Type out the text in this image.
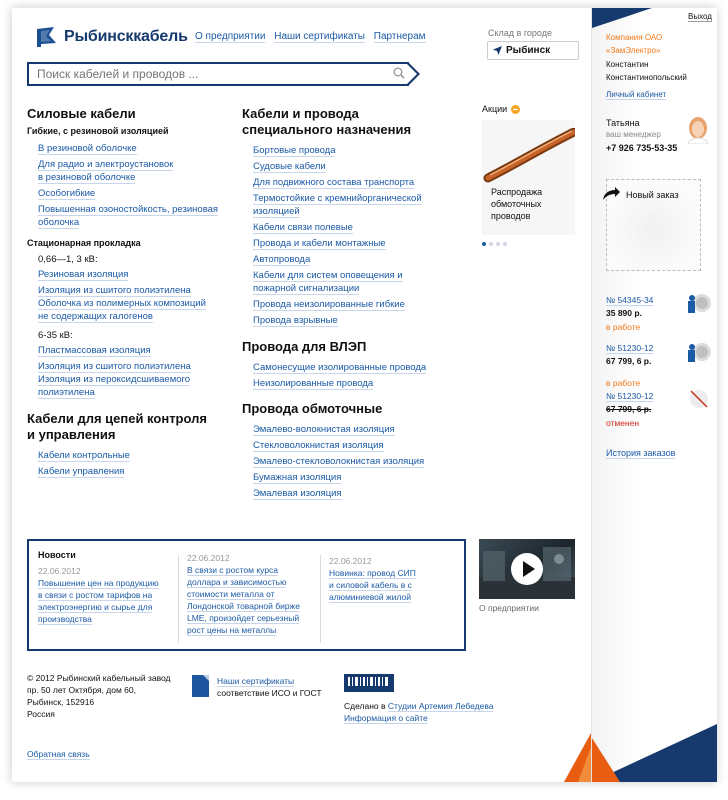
Рыбинсккабель О предприятии Наши сертификаты Партнерам	Склад в городе
Рыбинск
Поиск кабелей и проводов ...
Силовые кабели
Гибкие, с резиновой изоляцией
В резиновой оболочке
Для радио и электроустановок
в резиновой оболочке
Особогибкие
Повышенная озоностойкость, резиновая
оболочка
Стационарная прокладка
0,66—1, 3 кВ:
Резиновая изоляция
Изоляция из сшитого полиэтилена
Оболочка из полимерных композиций
не содержащих галогенов
6-35 кВ:
Пластмассовая изоляция
Изоляция из сшитого полиэтилена
Изоляция из пероксидсшиваемого
полиэтилена
Кабели для цепей контроля
и управления
Кабели контрольные
Кабели управления
Кабели и провода
специального назначения
Бортовые провода
Судовые кабели
Для подвижного состава транспорта
Термостойкие с кремнийорганической
изоляцией
Кабели связи полевые
Провода и кабели монтажные
Автопровода
Кабели для систем оповещения и
пожарной сигнализации
Провода неизолированные гибкие
Провода взрывные
Провода для ВЛЭП
Самонесущие изолированные провода
Неизолированные провода
Провода обмоточные
Эмалево-волокнистая изоляция
Стекловолокнистая изоляция
Эмалево-стекловолокнистая изоляция
Бумажная изоляция
Эмалевая изоляция
Акции
Распродажа
обмоточных
проводов
Новости
22.06.2012
Повышение цен на продукцию
в связи с ростом тарифов на
электроэнергию и сырье для
производства
22.06.2012
В связи с ростом курса
доллара и зависимостью
стоимости металла от
Лондонской товарной бирже
LME, произойдет серьезный
рост цены на металлы
22.06.2012
Новинка: провод СИП
и силовой кабель в с
алюминиевой жилой
О предприятии
© 2012 Рыбинский кабельный завод
пр. 50 лет Октября, дом 60,
Рыбинск, 152916
Россия
Наши сертификаты
соответствие ИСО и ГОСТ
Сделано в Студии Артемия Лебедева
Информация о сайте
Обратная связь
Выход
Компания ОАО
«ЗамЭлектро»
Константин
Константинопольский
Личный кабинет
Татьяна
ваш менеджер
+7 926 735-53-35
Новый заказ
№ 54345-34
35 890 р.
в работе
№ 51230-12
67 799, 6 р.
в работе
№ 51230-12
67 799, 6 р.
отменен
История заказов
